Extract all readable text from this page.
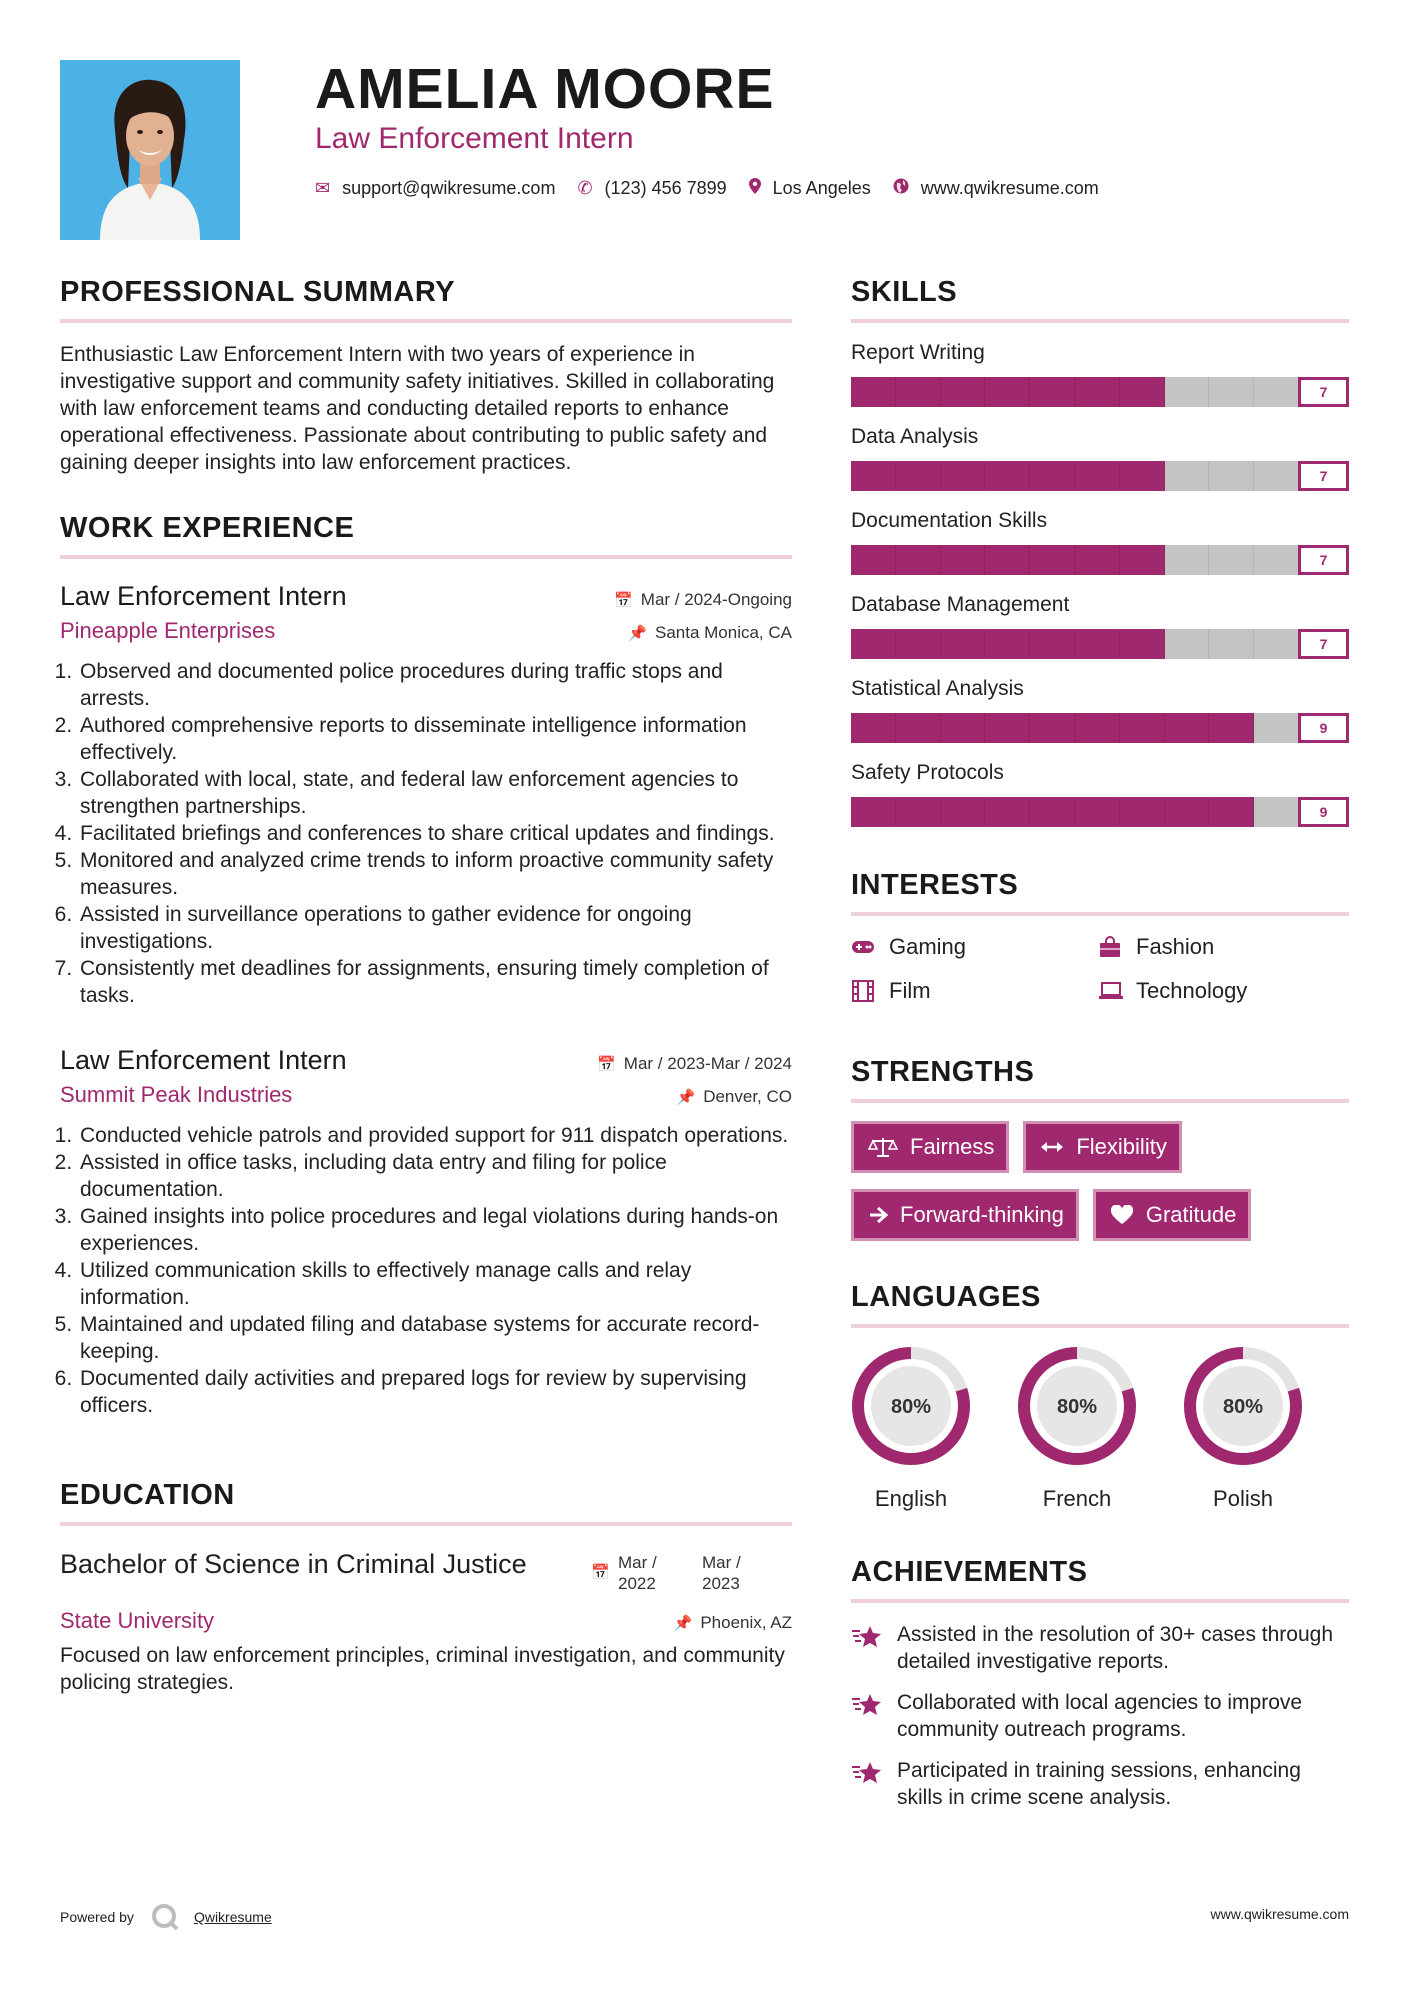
AMELIA MOORE
Law Enforcement Intern
✉ support@qwikresume.com ✆ (123) 456 7899	Los Angeles	www.qwikresume.com
PROFESSIONAL SUMMARY

Enthusiastic Law Enforcement Intern with two years of experience in investigative support and community safety initiatives. Skilled in collaborating with law enforcement teams and conducting detailed reports to enhance operational effectiveness. Passionate about contributing to public safety and gaining deeper insights into law enforcement practices.

WORK EXPERIENCE
Law Enforcement Intern	📅 Mar / 2024-Ongoing
Pineapple Enterprises	📌 Santa Monica, CA
1. Observed and documented police procedures during traffic stops and arrests.
2. Authored comprehensive reports to disseminate intelligence information effectively.
3. Collaborated with local, state, and federal law enforcement agencies to strengthen partnerships.
4. Facilitated briefings and conferences to share critical updates and findings.
5. Monitored and analyzed crime trends to inform proactive community safety measures.
6. Assisted in surveillance operations to gather evidence for ongoing investigations.
7. Consistently met deadlines for assignments, ensuring timely completion of tasks.
Law Enforcement Intern	📅 Mar / 2023-Mar / 2024
Summit Peak Industries	📌 Denver, CO
1. Conducted vehicle patrols and provided support for 911 dispatch operations.
2. Assisted in office tasks, including data entry and filing for police documentation.
3. Gained insights into police procedures and legal violations during hands-on experiences.
4. Utilized communication skills to effectively manage calls and relay information.
5. Maintained and updated filing and database systems for accurate record-keeping.
6. Documented daily activities and prepared logs for review by supervising officers.
EDUCATION
Bachelor of Science in Criminal Justice	📅
Mar / 2022
Mar / 2023
State University	📌 Phoenix, AZ

Focused on law enforcement principles, criminal investigation, and community policing strategies.

SKILLS
Report Writing
7
Data Analysis
7
Documentation Skills
7
Database Management
7
Statistical Analysis
9
Safety Protocols
9
INTERESTS
Gaming	Fashion
Film	Technology
STRENGTHS
Fairness	Flexibility
Forward-thinking	Gratitude
LANGUAGES
80%
English
80%
French
80%
Polish
ACHIEVEMENTS
Assisted in the resolution of 30+ cases through detailed investigative reports.
Collaborated with local agencies to improve community outreach programs.
Participated in training sessions, enhancing skills in crime scene analysis.
Powered by	Qwikresume	www.qwikresume.com
